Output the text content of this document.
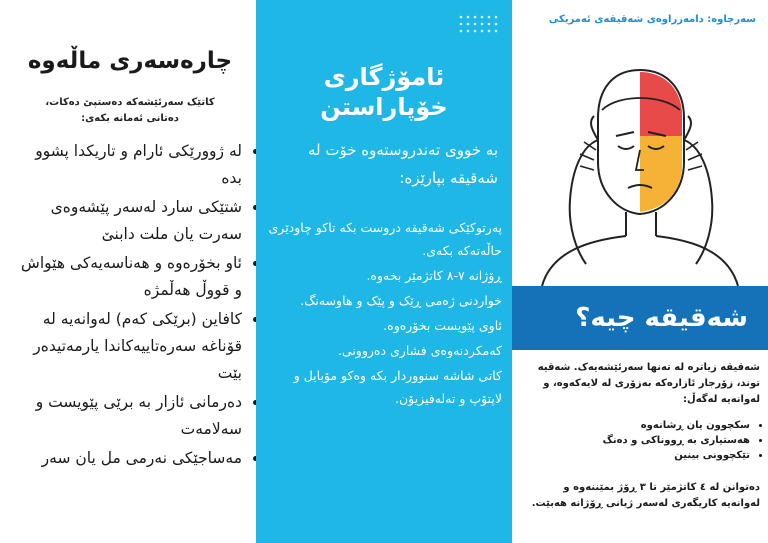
چارەسەری ماڵەوە
کاتێک سەرئێشەکە دەستپێ دەکات، دەتانی ئەمانە بکەی:
• لە ژوورێکی ئارام و تاریکدا پشوو بدە
• شتێکی سارد لەسەر پێشەوەی سەرت یان ملت دابنێ
• ئاو بخۆرەوە و هەناسەیەکی هێواش و قووڵ هەڵمژە
• کافاین (برێکی کەم) لەوانەیە لە قۆناغە سەرەتاییەکاندا یارمەتیدەر بێت
• دەرمانی ئازار بە برێی پێویست و سەلامەت
• مەساجێکی نەرمی مل یان سەر
ئامۆژگاری خۆپاراستن
بە خووی تەندروستەوە خۆت لە شەقیقە بپارێزە:
• پەرتوکێکی شەقیقە دروست بکە تاکو چاودێری حاڵەتەکە بکەی.
• ڕۆژانە ٧-٨ کاتژمێر بخەوە.
• خواردنی ژەمی ڕێک و پێک و هاوسەنگ.
• ئاوی پێویست بخۆرەوە.
• کەمکردنەوەی فشاری دەروونی.
• کاتی شاشە سنووردار بکە وەکو مۆبایل و لاپتۆپ و تەلەفیزیۆن.
سەرچاوە: دامەزراوەی شەقیقەی ئەمریکی
شەقیقە چیە؟
شەقیقە زیاترە لە تەنها سەرئێشەیەک. شەقیە توند، زۆرجار ئازارەکە بەزۆری لە لایەکەوە، و لەوانەیە لەگەڵ:
• سکچوون یان ڕشانەوە
• هەستیاری بە ڕووناکی و دەنگ
• تێکچوونی بینین
دەتوانن لە ٤ کاتژمێر تا ٣ ڕۆژ بمێننەوە و لەوانەیە کاریگەری لەسەر ژیانی ڕۆژانە هەبێت.
